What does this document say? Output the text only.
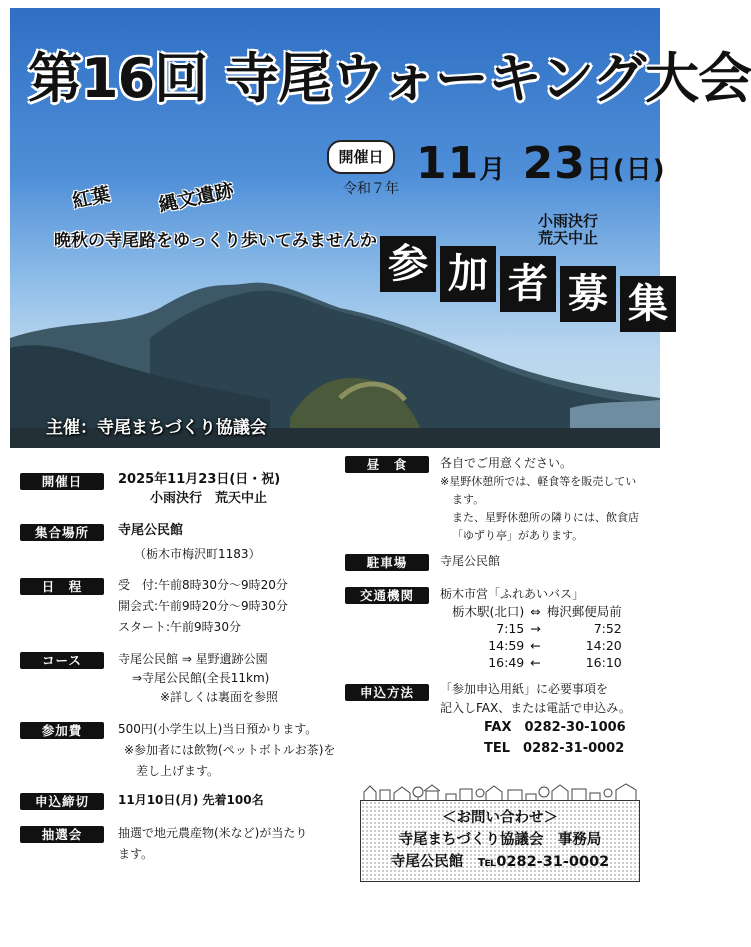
第16回 寺尾ウォーキング大会
紅葉 縄文遺跡
晩秋の寺尾路をゆっくり歩いてみませんか
開催日
令和７年 11月 23日(日)
小雨決行
荒天中止
参 加 者 募 集
主催：寺尾まちづくり協議会
開催日	2025年11月23日(日・祝)
小雨決行　荒天中止
集合場所	寺尾公民館
（栃木市梅沢町1183）
日　程	受　付:午前8時30分～9時20分
開会式:午前9時20分～9時30分
スタート:午前9時30分
コース	寺尾公民館 ⇒ 星野遺跡公園
⇒寺尾公民館(全長11km)
※詳しくは裏面を参照
参加費	500円(小学生以上)当日預かります。
※参加者には飲物(ペットボトルお茶)を
差し上げます。
申込締切	11月10日(月) 先着100名
抽選会	抽選で地元農産物(米など)が当たり
ます。
昼　食	各自でご用意ください。
※星野休憩所では、軽食等を販売してい
ます。
また、星野休憩所の隣りには、飲食店
「ゆずり亭」があります。
駐車場	寺尾公民館
交通機関	栃木市営「ふれあいバス」
栃木駅(北口)	⇔	梅沢郵便局前
7:15	→	7:52
14:59	←	14:20
16:49	←	16:10
申込方法	「参加申込用紙」に必要事項を
記入しFAX、または電話で申込み。
FAX　0282-30-1006
TEL　0282-31-0002
＜お問い合わせ＞
寺尾まちづくり協議会　事務局
寺尾公民館　℡0282-31-0002
